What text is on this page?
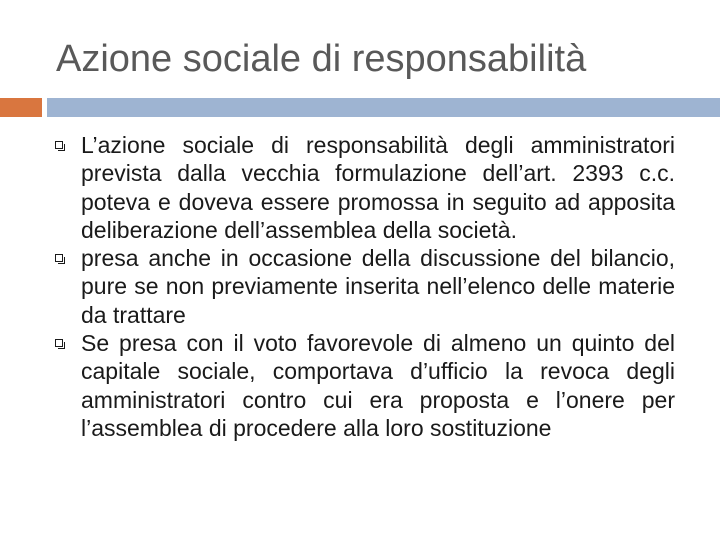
Azione sociale di responsabilità
L’azione sociale di responsabilità degli amministratori prevista dalla vecchia formulazione dell’art. 2393 c.c. poteva e doveva essere promossa in seguito ad apposita deliberazione dell’assemblea della società.
presa anche in occasione della discussione del bilancio, pure se non previamente inserita nell’elenco delle materie da trattare
Se presa con il voto favorevole di almeno un quinto del capitale sociale, comportava d’ufficio la revoca degli amministratori contro cui era proposta e l’onere per l’assemblea di procedere alla loro sostituzione
